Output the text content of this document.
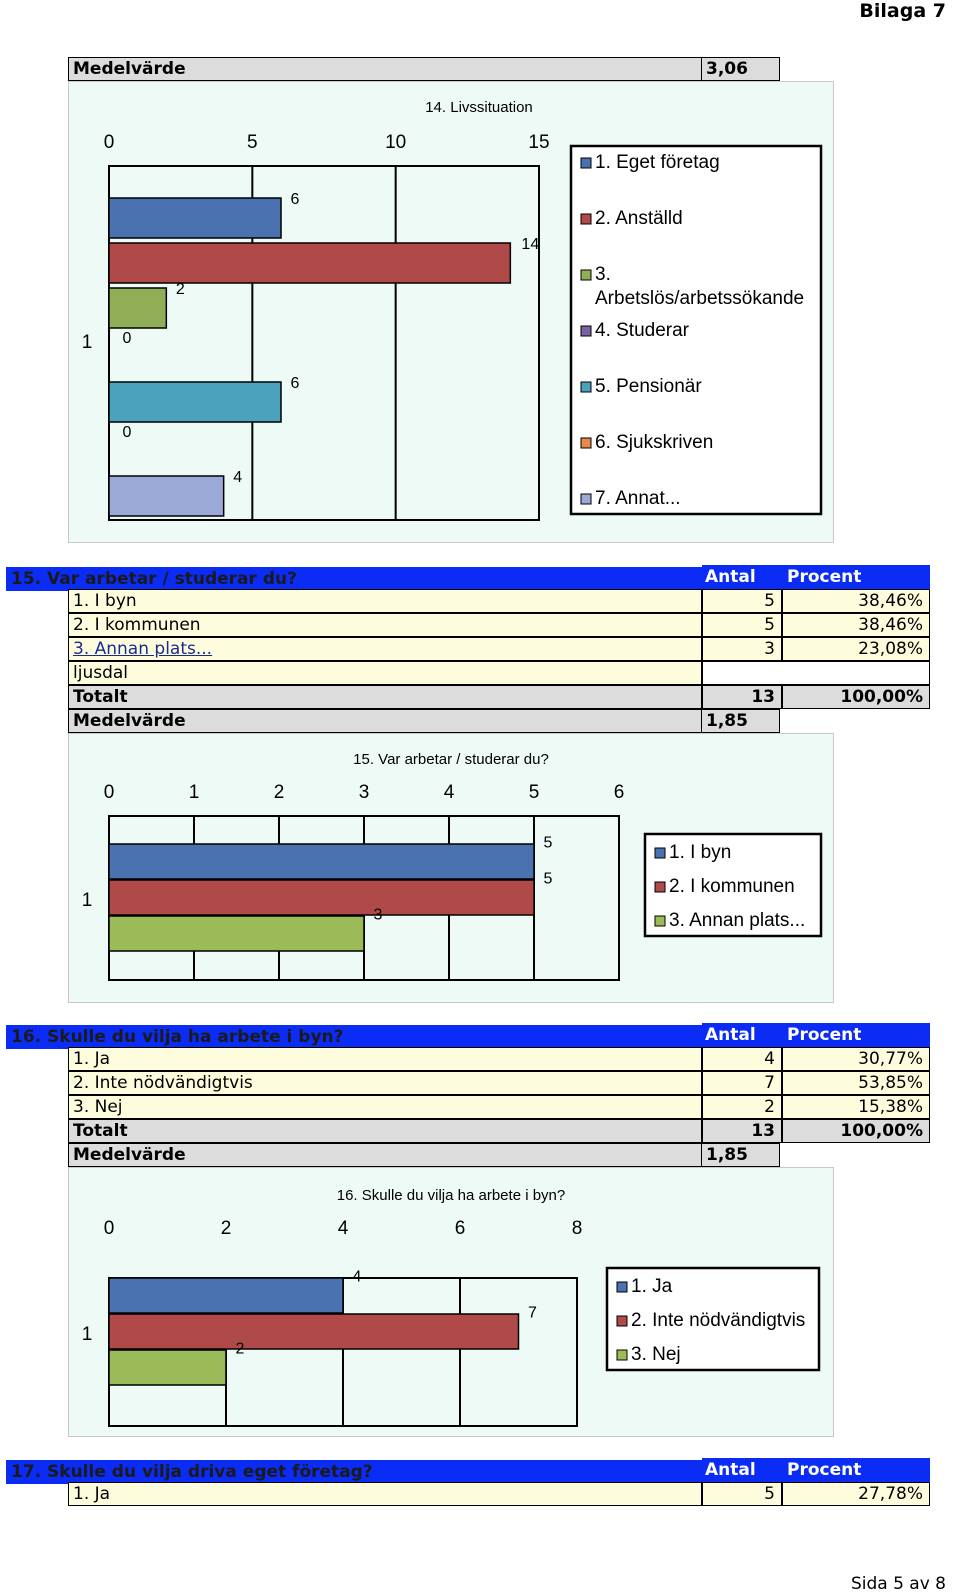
Bilaga 7
Medelvärde	3,06
14. Livssituation
0	5	10	15
1
6
14
2
0
6
0
4
1. Eget företag
2. Anställd
3.
Arbetslös/arbetssökande
4. Studerar
5. Pensionär
6. Sjukskriven
7. Annat...
15. Var arbetar / studerar du?	Antal	Procent
1. I byn	5	38,46%
2. I kommunen	5	38,46%
3. Annan plats...	3	23,08%
ljusdal
Totalt	13	100,00%
Medelvärde	1,85
15. Var arbetar / studerar du?
0	1	2	3	4	5	6
1
5
5
3
1. I byn
2. I kommunen
3. Annan plats...
16. Skulle du vilja ha arbete i byn?	Antal	Procent
1. Ja	4	30,77%
2. Inte nödvändigtvis	7	53,85%
3. Nej	2	15,38%
Totalt	13	100,00%
Medelvärde	1,85
16. Skulle du vilja ha arbete i byn?
0	2	4	6	8
1
4
7
2
1. Ja
2. Inte nödvändigtvis
3. Nej
17. Skulle du vilja driva eget företag?	Antal	Procent
1. Ja	5	27,78%
Sida 5 av 8
